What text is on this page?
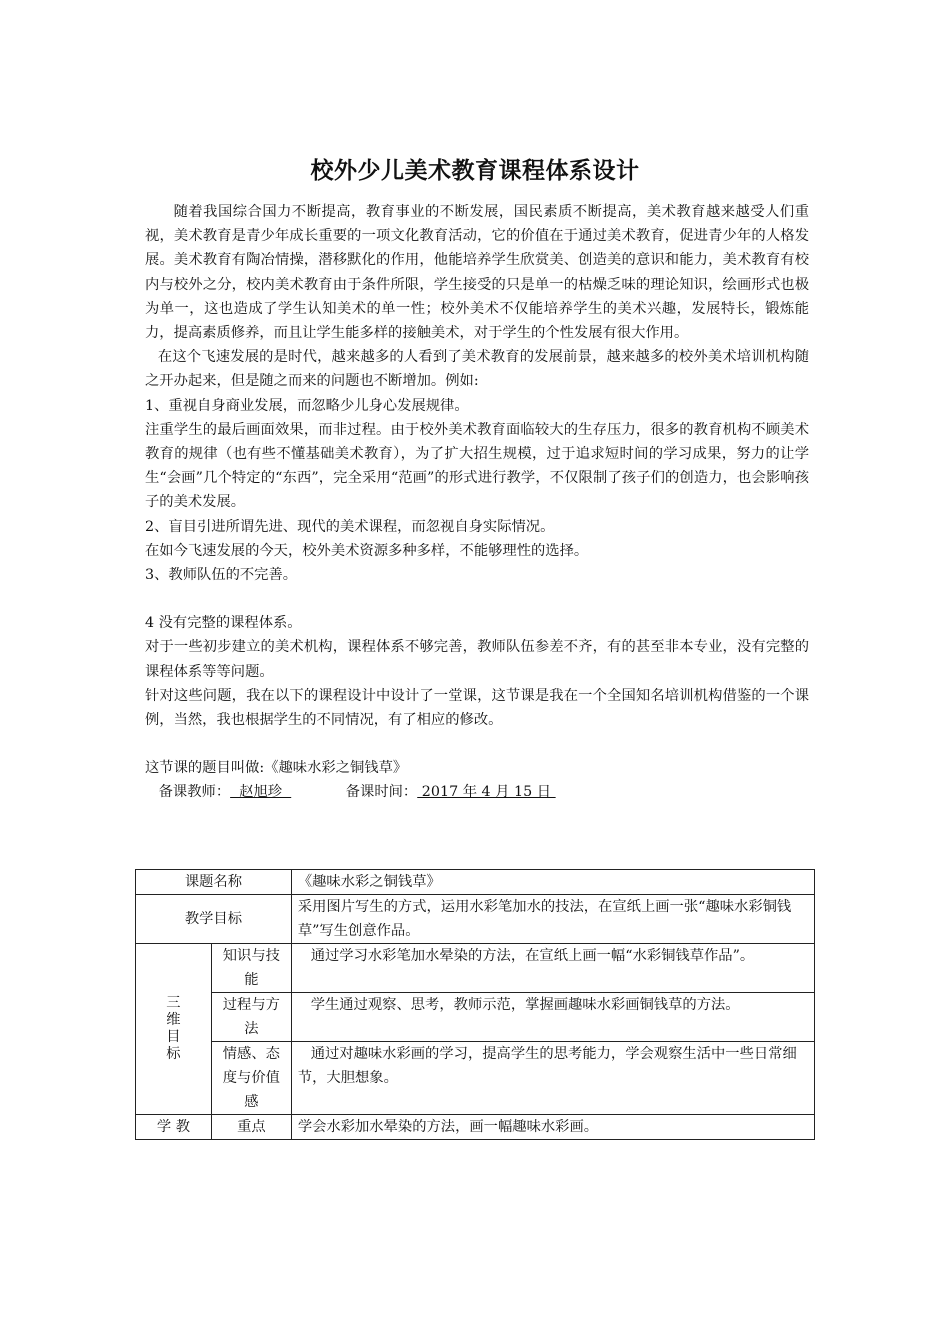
校外少儿美术教育课程体系设计

随着我国综合国力不断提高，教育事业的不断发展，国民素质不断提高，美术教育越来越受人们重视，美术教育是青少年成长重要的一项文化教育活动，它的价值在于通过美术教育，促进青少年的人格发展。美术教育有陶冶情操，潜移默化的作用，他能培养学生欣赏美、创造美的意识和能力，美术教育有校内与校外之分，校内美术教育由于条件所限，学生接受的只是单一的枯燥乏味的理论知识，绘画形式也极为单一，这也造成了学生认知美术的单一性；校外美术不仅能培养学生的美术兴趣，发展特长，锻炼能力，提高素质修养，而且让学生能多样的接触美术，对于学生的个性发展有很大作用。

在这个飞速发展的是时代，越来越多的人看到了美术教育的发展前景，越来越多的校外美术培训机构随之开办起来，但是随之而来的问题也不断增加。例如:

1、重视自身商业发展，而忽略少儿身心发展规律。

注重学生的最后画面效果，而非过程。由于校外美术教育面临较大的生存压力，很多的教育机构不顾美术教育的规律（也有些不懂基础美术教育），为了扩大招生规模，过于追求短时间的学习成果，努力的让学生“会画”几个特定的“东西”，完全采用“范画”的形式进行教学，不仅限制了孩子们的创造力，也会影响孩子的美术发展。

2、盲目引进所谓先进、现代的美术课程，而忽视自身实际情况。

在如今飞速发展的今天，校外美术资源多种多样，不能够理性的选择。

3、教师队伍的不完善。

4 没有完整的课程体系。

对于一些初步建立的美术机构，课程体系不够完善，教师队伍参差不齐，有的甚至非本专业，没有完整的课程体系等等问题。

针对这些问题，我在以下的课程设计中设计了一堂课，这节课是我在一个全国知名培训机构借鉴的一个课例，当然，我也根据学生的不同情况，有了相应的修改。

这节课的题目叫做:《趣味水彩之铜钱草》

备课教师：  赵旭珍	备课时间： 2017 年 4 月 15 日

课题名称		《趣味水彩之铜钱草》
教学目标		采用图片写生的方式，运用水彩笔加水的技法，在宣纸上画一张“趣味水彩铜钱草”写生创意作品。

三维目标	知识与技能	通过学习水彩笔加水晕染的方法，在宣纸上画一幅“水彩铜钱草作品”。
	过程与方法	学生通过观察、思考，教师示范，掌握画趣味水彩画铜钱草的方法。
	情感、态度与价值感	通过对趣味水彩画的学习，提高学生的思考能力，学会观察生活中一些日常细节，大胆想象。
学 教	重点	学会水彩加水晕染的方法，画一幅趣味水彩画。
